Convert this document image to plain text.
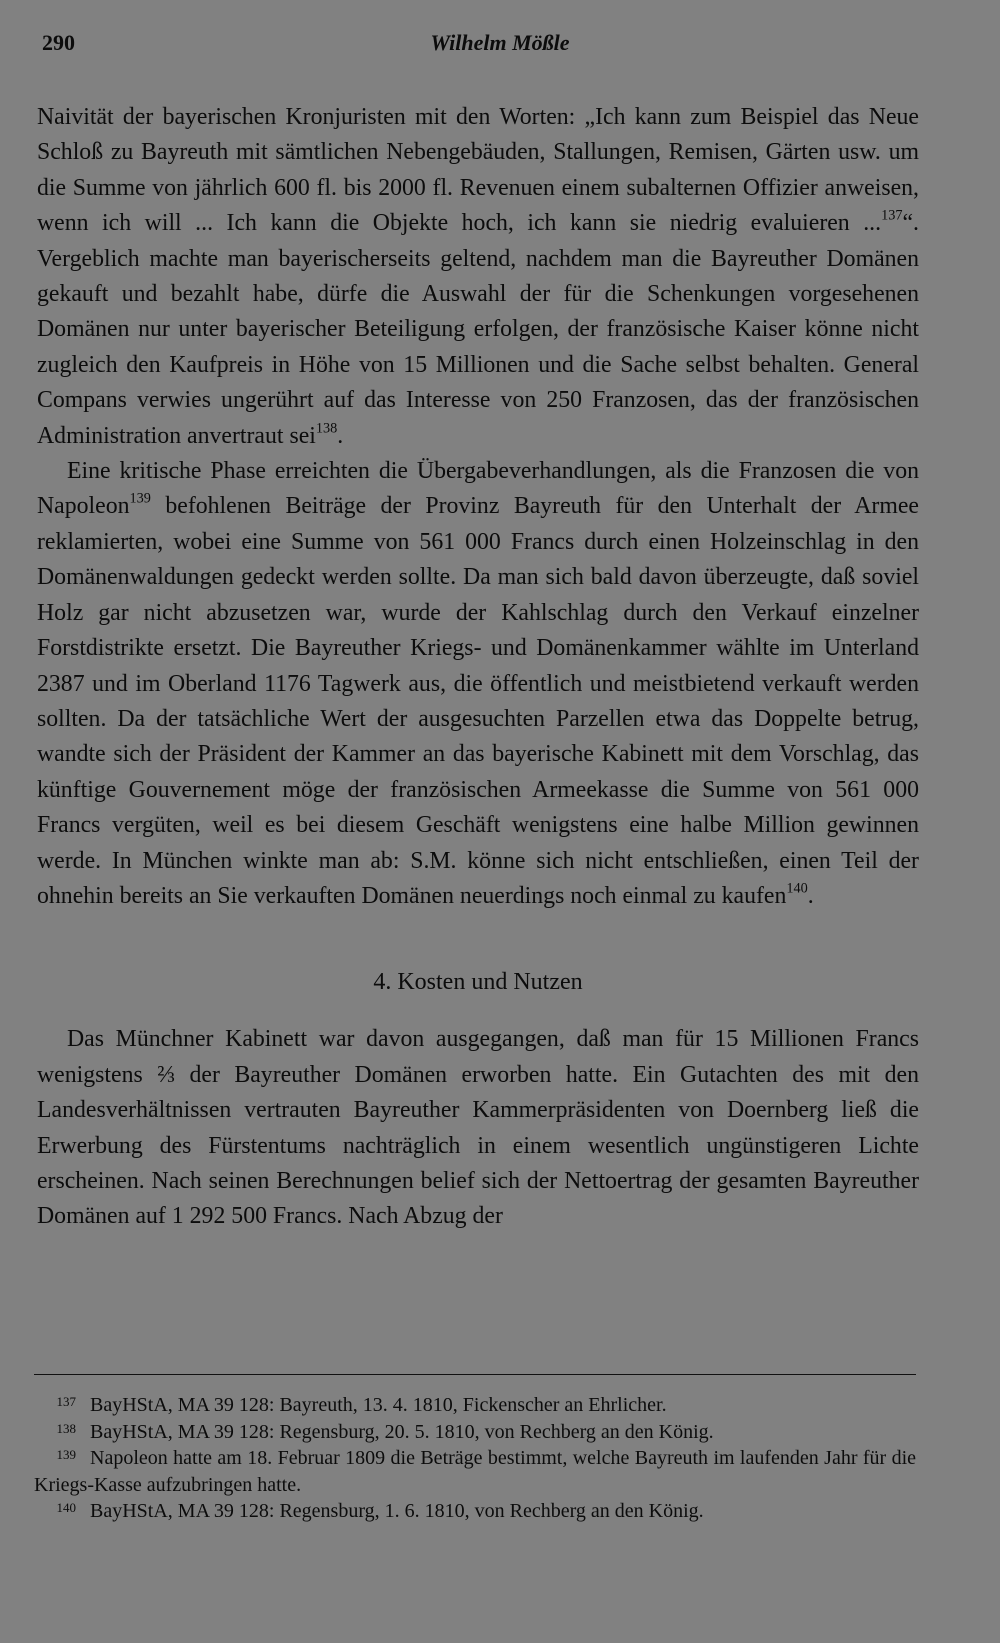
290	Wilhelm Mößle

Naivität der bayerischen Kronjuristen mit den Worten: „Ich kann zum Beispiel das Neue Schloß zu Bayreuth mit sämtlichen Nebengebäuden, Stallungen, Remisen, Gärten usw. um die Summe von jährlich 600 fl. bis 2000 fl. Revenuen einem subalternen Offizier anweisen, wenn ich will ... Ich kann die Objekte hoch, ich kann sie niedrig evaluieren ...$^{137}$“. Vergeblich machte man bayerischerseits geltend, nachdem man die Bayreuther Domänen gekauft und bezahlt habe, dürfe die Auswahl der für die Schenkungen vorgesehenen Domänen nur unter bayerischer Beteiligung erfolgen, der französische Kaiser könne nicht zugleich den Kaufpreis in Höhe von 15 Millionen und die Sache selbst behalten. General Compans verwies ungerührt auf das Interesse von 250 Franzosen, das der französischen Administration anvertraut sei$^{138}$.

Eine kritische Phase erreichten die Übergabeverhandlungen, als die Franzosen die von Napoleon$^{139}$ befohlenen Beiträge der Provinz Bayreuth für den Unterhalt der Armee reklamierten, wobei eine Summe von 561 000 Francs durch einen Holzeinschlag in den Domänenwaldungen gedeckt werden sollte. Da man sich bald davon überzeugte, daß soviel Holz gar nicht abzusetzen war, wurde der Kahlschlag durch den Verkauf einzelner Forstdistrikte ersetzt. Die Bayreuther Kriegs- und Domänenkammer wählte im Unterland 2387 und im Oberland 1176 Tagwerk aus, die öffentlich und meistbietend verkauft werden sollten. Da der tatsächliche Wert der ausgesuchten Parzellen etwa das Doppelte betrug, wandte sich der Präsident der Kammer an das bayerische Kabinett mit dem Vorschlag, das künftige Gouvernement möge der französischen Armeekasse die Summe von 561 000 Francs vergüten, weil es bei diesem Geschäft wenigstens eine halbe Million gewinnen werde. In München winkte man ab: S.M. könne sich nicht entschließen, einen Teil der ohnehin bereits an Sie verkauften Domänen neuerdings noch einmal zu kaufen$^{140}$.

4. Kosten und Nutzen

Das Münchner Kabinett war davon ausgegangen, daß man für 15 Millionen Francs wenigstens ⅔ der Bayreuther Domänen erworben hatte. Ein Gutachten des mit den Landesverhältnissen vertrauten Bayreuther Kammerpräsidenten von Doernberg ließ die Erwerbung des Fürstentums nachträglich in einem wesentlich ungünstigeren Lichte erscheinen. Nach seinen Berechnungen belief sich der Nettoertrag der gesamten Bayreuther Domänen auf 1 292 500 Francs. Nach Abzug der

137 BayHStA, MA 39 128: Bayreuth, 13. 4. 1810, Fickenscher an Ehrlicher.
138 BayHStA, MA 39 128: Regensburg, 20. 5. 1810, von Rechberg an den König.
139 Napoleon hatte am 18. Februar 1809 die Beträge bestimmt, welche Bayreuth im laufenden Jahr für die Kriegs-Kasse aufzubringen hatte.
140 BayHStA, MA 39 128: Regensburg, 1. 6. 1810, von Rechberg an den König.
